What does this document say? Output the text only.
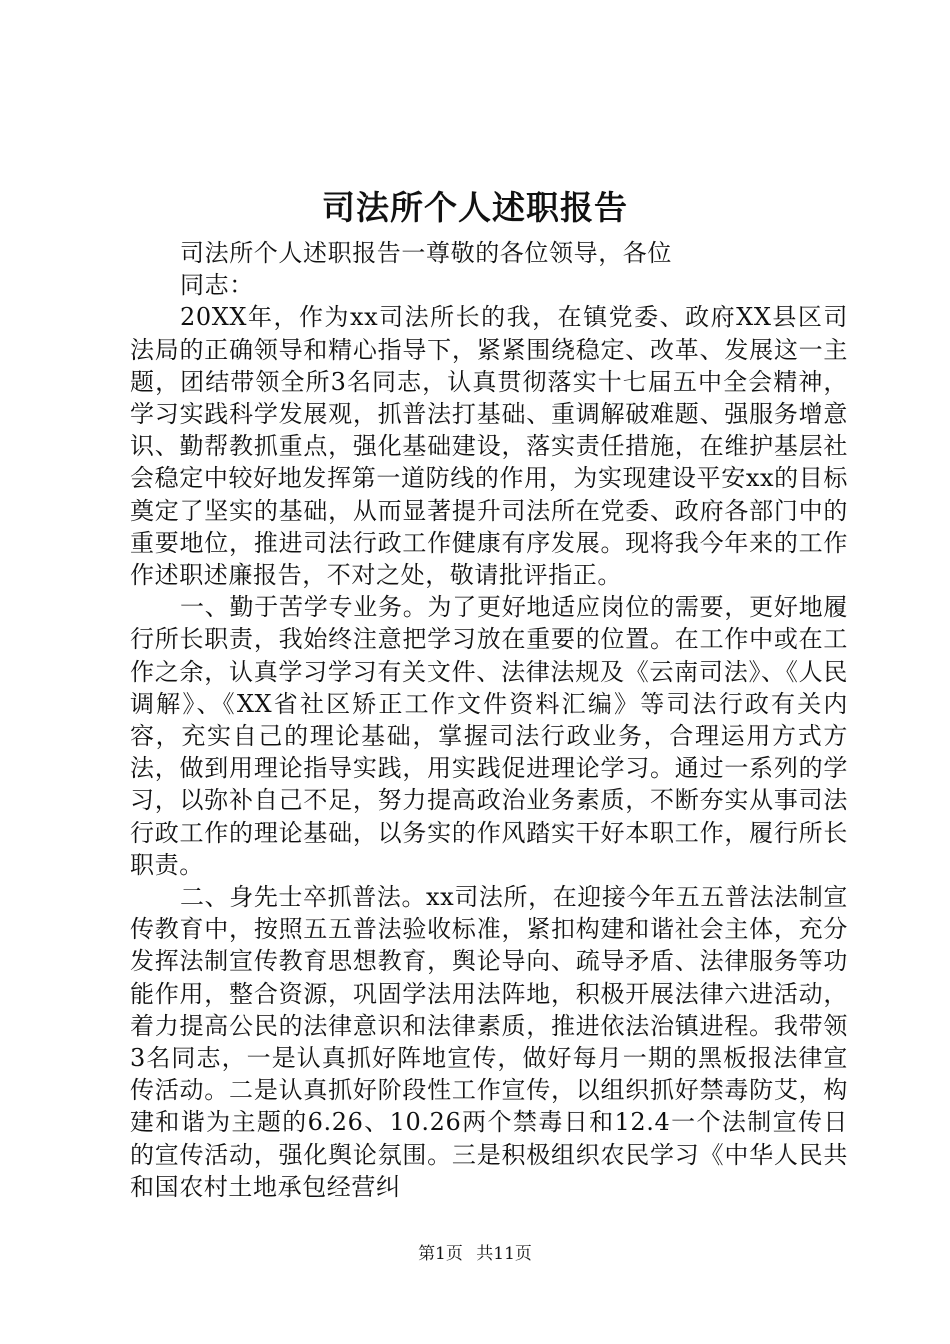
司法所个人述职报告

司法所个人述职报告一尊敬的各位领导，各位

同志：

20XX年，作为xx司法所长的我，在镇党委、政府XX县区司法局的正确领导和精心指导下，紧紧围绕稳定、改革、发展这一主题，团结带领全所3名同志，认真贯彻落实十七届五中全会精神，学习实践科学发展观，抓普法打基础、重调解破难题、强服务增意识、勤帮教抓重点，强化基础建设，落实责任措施，在维护基层社会稳定中较好地发挥第一道防线的作用，为实现建设平安xx的目标奠定了坚实的基础，从而显著提升司法所在党委、政府各部门中的重要地位，推进司法行政工作健康有序发展。现将我今年来的工作作述职述廉报告，不对之处，敬请批评指正。

一、勤于苦学专业务。为了更好地适应岗位的需要，更好地履行所长职责，我始终注意把学习放在重要的位置。在工作中或在工作之余，认真学习学习有关文件、法律法规及《云南司法》、《人民调解》、《XX省社区矫正工作文件资料汇编》等司法行政有关内容，充实自己的理论基础，掌握司法行政业务，合理运用方式方法，做到用理论指导实践，用实践促进理论学习。通过一系列的学习，以弥补自己不足，努力提高政治业务素质，不断夯实从事司法行政工作的理论基础，以务实的作风踏实干好本职工作，履行所长职责。

二、身先士卒抓普法。xx司法所，在迎接今年五五普法法制宣传教育中，按照五五普法验收标准，紧扣构建和谐社会主体，充分发挥法制宣传教育思想教育，舆论导向、疏导矛盾、法律服务等功能作用，整合资源，巩固学法用法阵地，积极开展法律六进活动，着力提高公民的法律意识和法律素质，推进依法治镇进程。我带领3名同志，一是认真抓好阵地宣传，做好每月一期的黑板报法律宣传活动。二是认真抓好阶段性工作宣传，以组织抓好禁毒防艾，构建和谐为主题的6.26、10.26两个禁毒日和12.4一个法制宣传日的宣传活动，强化舆论氛围。三是积极组织农民学习《中华人民共和国农村土地承包经营纠

第1页 共11页
